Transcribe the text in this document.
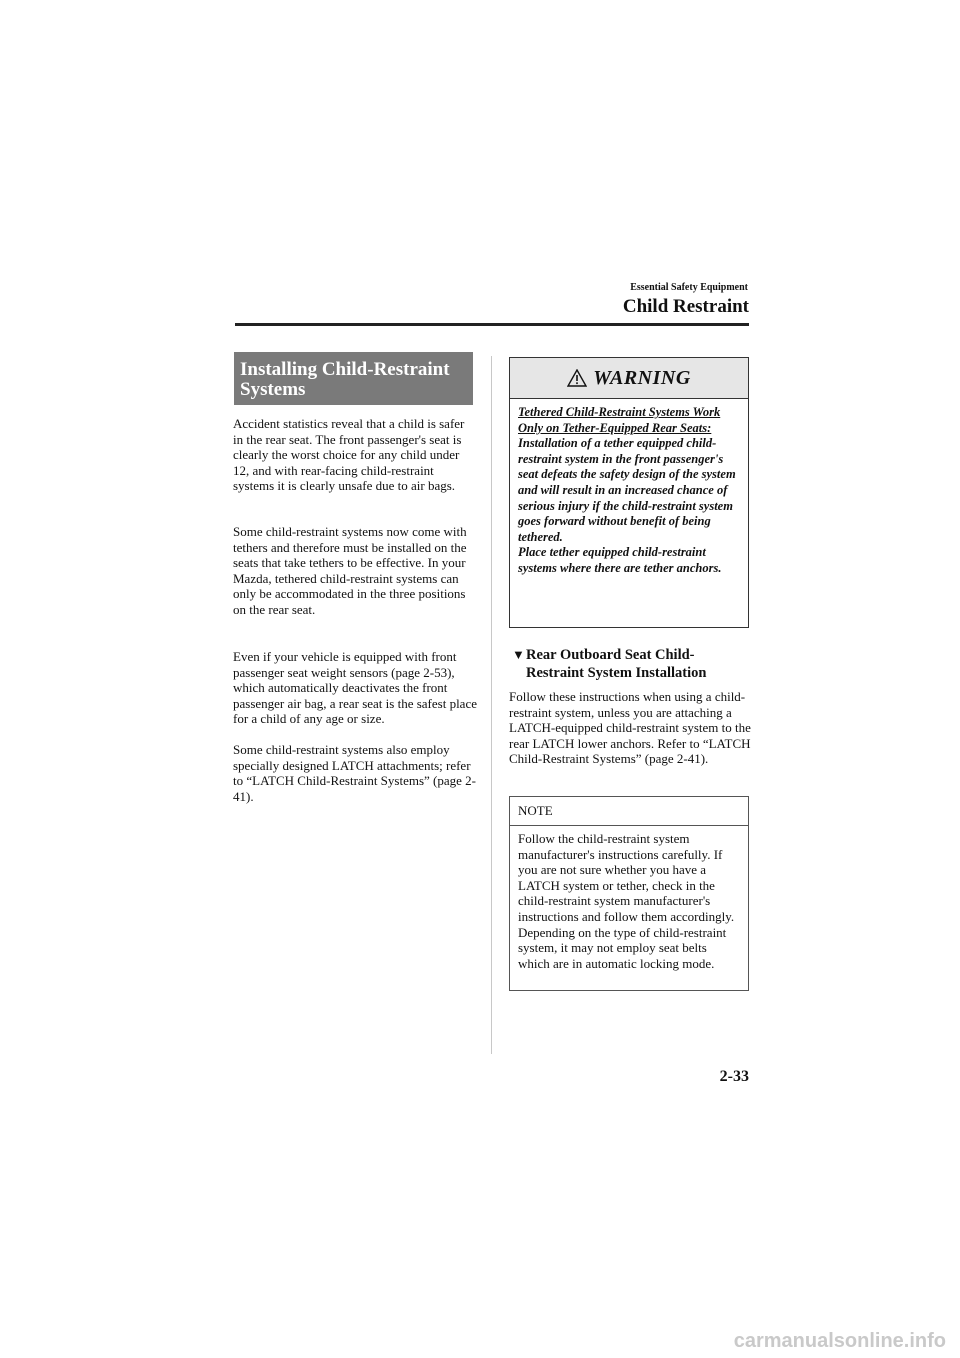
Essential Safety Equipment
Child Restraint
Installing Child-Restraint
Systems
Accident statistics reveal that a child is safer in the rear seat. The front passenger's seat is clearly the worst choice for any child under 12, and with rear-facing child-restraint systems it is clearly unsafe due to air bags.
Some child-restraint systems now come with tethers and therefore must be installed on the seats that take tethers to be effective. In your Mazda, tethered child-restraint systems can only be accommodated in the three positions on the rear seat.
Even if your vehicle is equipped with front passenger seat weight sensors (page 2-53), which automatically deactivates the front passenger air bag, a rear seat is the safest place for a child of any age or size.
Some child-restraint systems also employ specially designed LATCH attachments; refer to “LATCH Child-Restraint Systems” (page 2-41).
WARNING
Tethered Child-Restraint Systems Work Only on Tether-Equipped Rear Seats:
Installation of a tether equipped child-restraint system in the front passenger's seat defeats the safety design of the system and will result in an increased chance of serious injury if the child-restraint system goes forward without benefit of being tethered.
Place tether equipped child-restraint systems where there are tether anchors.
▼Rear Outboard Seat Child-
Restraint System Installation
Follow these instructions when using a child-restraint system, unless you are attaching a LATCH-equipped child-restraint system to the rear LATCH lower anchors. Refer to “LATCH Child-Restraint Systems” (page 2-41).
NOTE
Follow the child-restraint system manufacturer's instructions carefully. If you are not sure whether you have a LATCH system or tether, check in the child-restraint system manufacturer's instructions and follow them accordingly. Depending on the type of child-restraint system, it may not employ seat belts which are in automatic locking mode.
2-33
carmanualsonline.info
